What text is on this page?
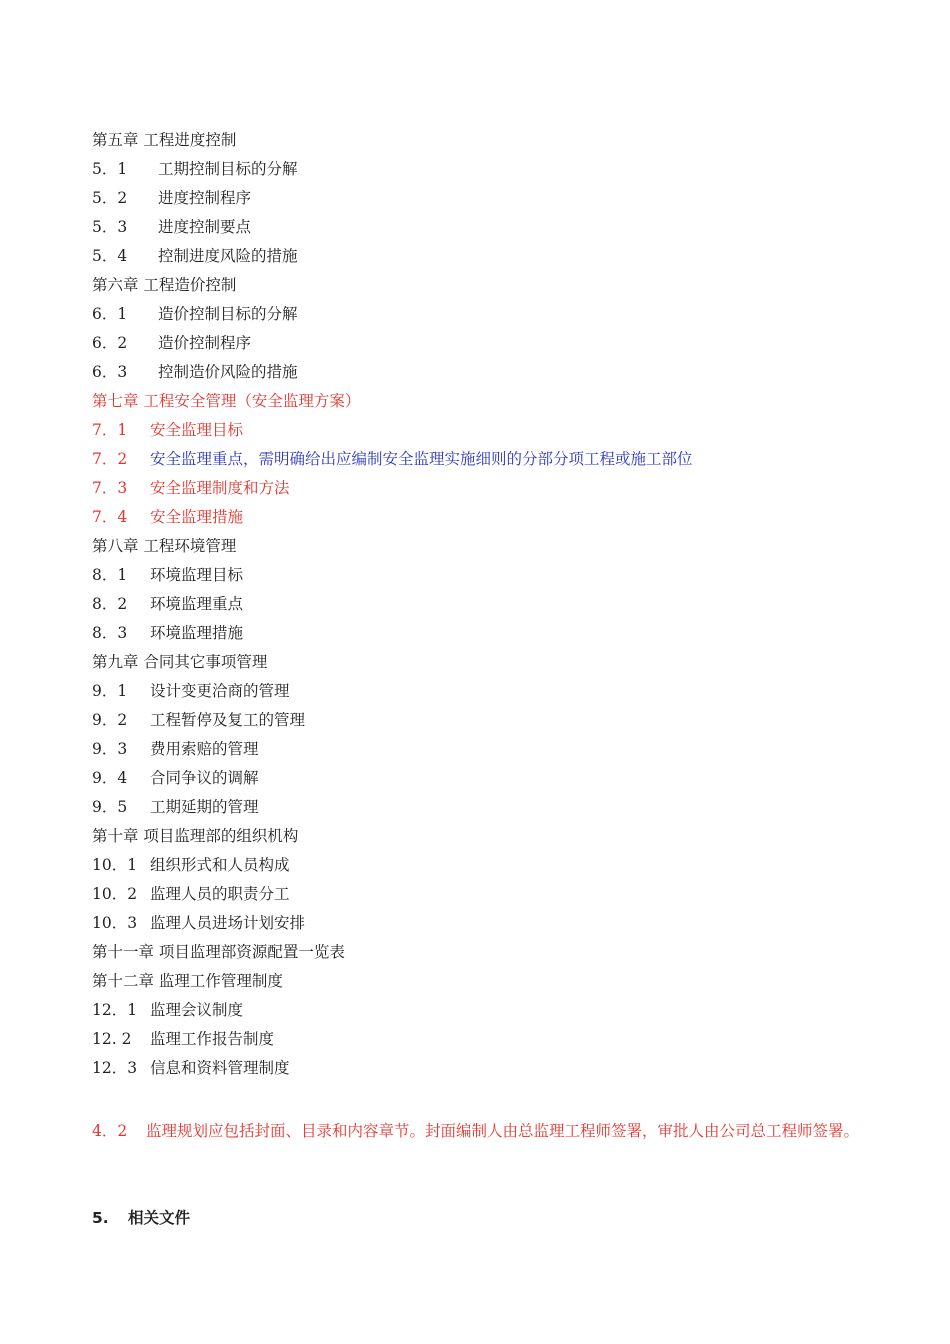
第五章 工程进度控制
5．1 工期控制目标的分解
5．2 进度控制程序
5．3 进度控制要点
5．4 控制进度风险的措施
第六章 工程造价控制
6．1 造价控制目标的分解
6．2 造价控制程序
6．3 控制造价风险的措施
第七章 工程安全管理（安全监理方案）
7．1 安全监理目标
7．2 安全监理重点，需明确给出应编制安全监理实施细则的分部分项工程或施工部位
7．3 安全监理制度和方法
7．4 安全监理措施
第八章 工程环境管理
8．1 环境监理目标
8．2 环境监理重点
8．3 环境监理措施
第九章 合同其它事项管理
9．1 设计变更洽商的管理
9．2 工程暂停及复工的管理
9．3 费用索赔的管理
9．4 合同争议的调解
9．5 工期延期的管理
第十章 项目监理部的组织机构
10．1 组织形式和人员构成
10．2 监理人员的职责分工
10．3 监理人员进场计划安排
第十一章 项目监理部资源配置一览表
第十二章 监理工作管理制度
12．1 监理会议制度
12. 2 监理工作报告制度
12．3 信息和资料管理制度
4．2 监理规划应包括封面、目录和内容章节。封面编制人由总监理工程师签署，审批人由公司总工程师签署。
5. 相关文件
